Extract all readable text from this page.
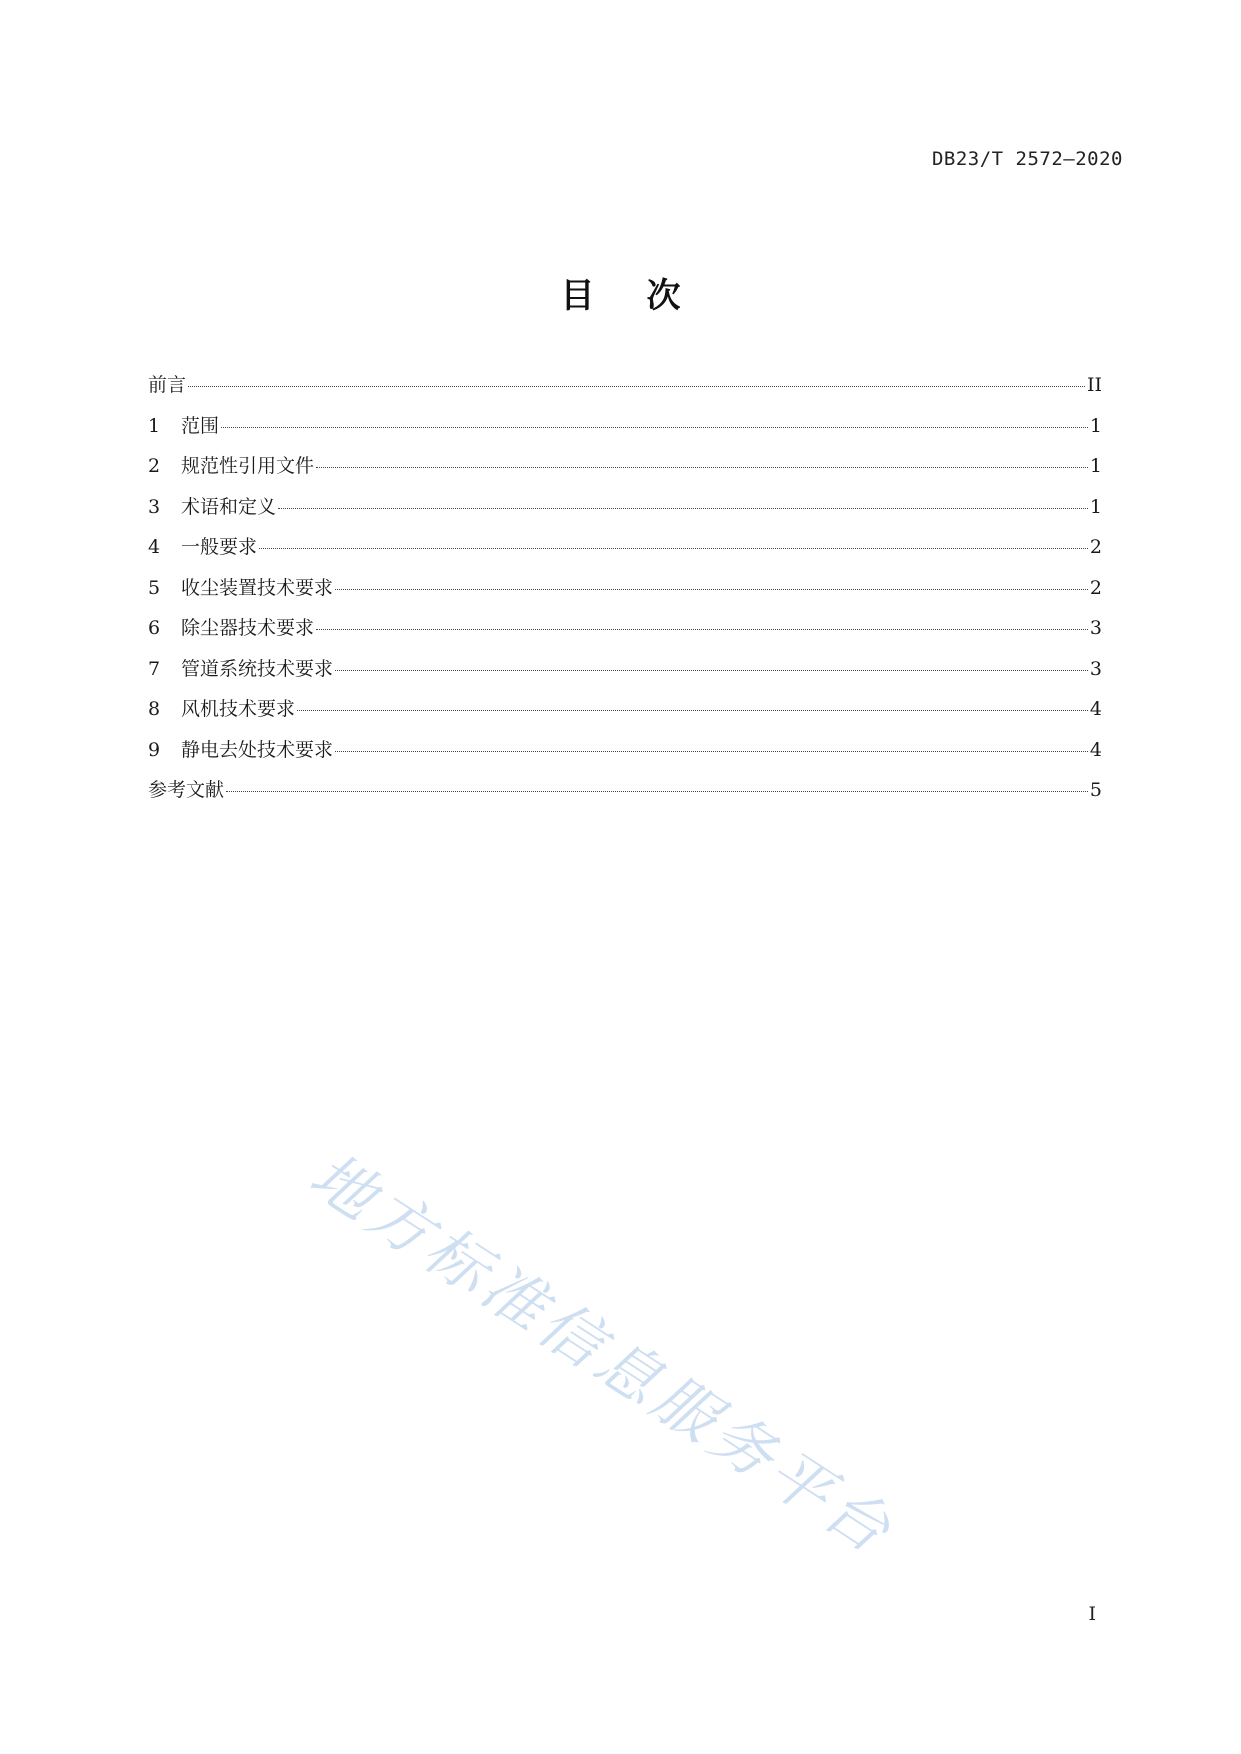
DB23/T 2572—2020
目次
前言	II
1	范围	1
2	规范性引用文件	1
3	术语和定义	1
4	一般要求	2
5	收尘装置技术要求	2
6	除尘器技术要求	3
7	管道系统技术要求	3
8	风机技术要求	4
9	静电去处技术要求	4
参考文献	5
地方标准信息服务平台
I
